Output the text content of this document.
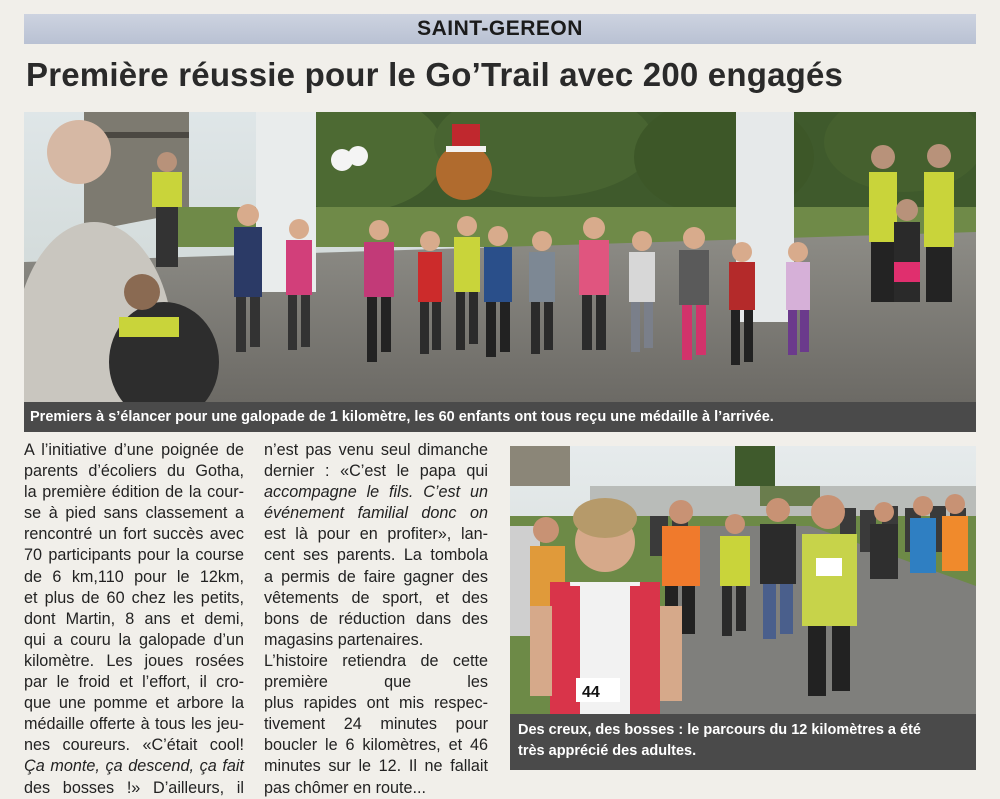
SAINT-GEREON
Première réussie pour le Go’Trail avec 200 engagés
Premiers à s’élancer pour une galopade de 1 kilomètre, les 60 enfants ont tous reçu une médaille à l’arrivée.
A l’initiative d’une poignée de
parents d’écoliers du Gotha,
la première édition de la cour-
se à pied sans classement a
rencontré un fort succès avec
70 participants pour la course
de 6 km,110 pour le 12km,
et plus de 60 chez les petits,
dont Martin, 8 ans et demi,
qui a couru la galopade d’un
kilomètre. Les joues rosées
par le froid et l’effort, il cro-
que une pomme et arbore la
médaille offerte à tous les jeu-
nes coureurs. «C’était cool!
Ça monte, ça descend, ça fait
des bosses !» D’ailleurs, il
n’est pas venu seul dimanche
dernier : «C’est le papa qui
accompagne le fils. C’est un
événement familial donc on
est là pour en profiter», lan-
cent ses parents. La tombola
a permis de faire gagner des
vêtements de sport, et des
bons de réduction dans des
magasins partenaires.
L’histoire retiendra de cette
première que les
plus rapides ont mis respec-
tivement 24 minutes pour
boucler le 6 kilomètres, et 46
minutes sur le 12. Il ne fallait
pas chômer en route...
44
Des creux, des bosses : le parcours du 12 kilomètres a été
très apprécié des adultes.
